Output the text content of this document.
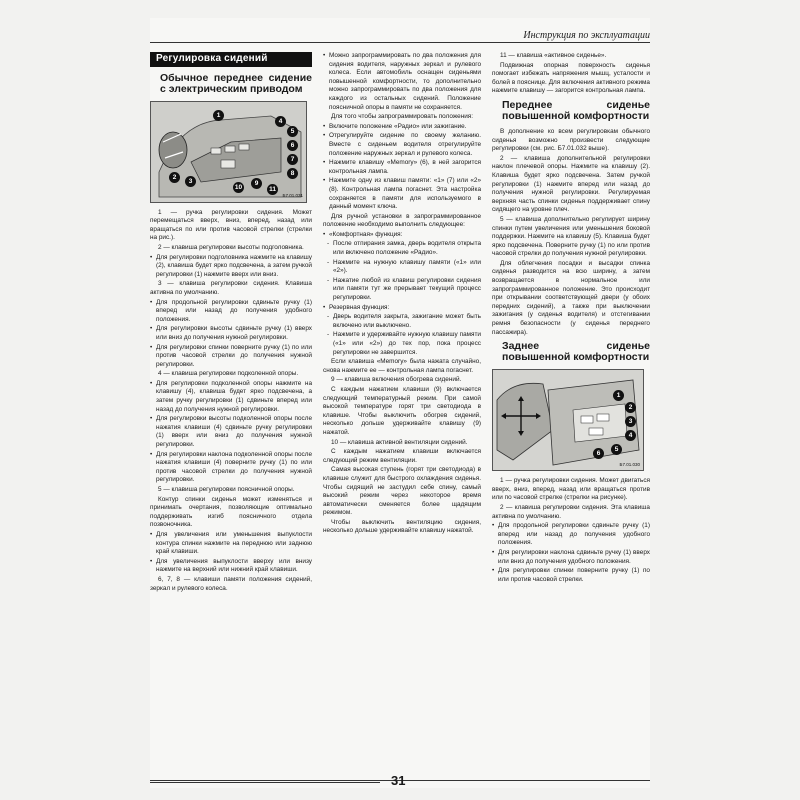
Инструкция по эксплуатации
Регулировка сидений
Обычное переднее сидение с электрическим приводом
1
2
3
4
5
6
7
8
9
10	11
Б7.01.031

1 — ручка регулировки сидения. Может перемещаться вверх, вниз, вперед, назад или вращаться по или против часовой стрелки (стрелки на рис.).

2 — клавиша регулировки высоты подголовника.

• Для регулировки подголовника нажмите на клавишу (2), клавиша будет ярко подсвечена, а затем ручкой регулировки (1) нажмите вверх или вниз.

3 — клавиша регулировки сидения. Клавиша активна по умолчанию.

• Для продольной регулировки сдвиньте ручку (1) вперед или назад до получения удобного положения.

• Для регулировки высоты сдвиньте ручку (1) вверх или вниз до получения нужной регулировки.

• Для регулировки спинки поверните ручку (1) по или против часовой стрелки до получения нужной регулировки.

4 — клавиша регулировки подколенной опоры.

• Для регулировки подколенной опоры нажмите на клавишу (4), клавиша будет ярко подсвечена, а затем ручку регулировки (1) сдвиньте вперед или назад до получения нужной регулировки.

• Для регулировки высоты подколенной опоры после нажатия клавиши (4) сдвиньте ручку регулировки (1) вверх или вниз до получения нужной регулировки.

• Для регулировки наклона подколенной опоры после нажатия клавиши (4) поверните ручку (1) по или против часовой стрелки до получения нужной регулировки.

5 — клавиша регулировки поясничной опоры.

Контур спинки сиденья может изменяться и принимать очертания, позволяющие оптимально поддерживать изгиб поясничного отдела позвоночника.

• Для увеличения или уменьшения выпуклости контура спинки нажмите на переднюю или заднюю край клавиши.

• Для увеличения выпуклости вверху или внизу нажмите на верхний или нижний край клавиши.

6, 7, 8 — клавиши памяти положения сидений, зеркал и рулевого колеса.

• Можно запрограммировать по два положения для сидения водителя, наружных зеркал и рулевого колеса. Если автомобиль оснащен сиденьями повышенной комфортности, то дополнительно можно запрограммировать по два положения для каждого из остальных сидений. Положение поясничной опоры в памяти не сохраняется.

Для того чтобы запрограммировать положения:

• Включите положение «Радио» или зажигание.

• Отрегулируйте сидение по своему желанию. Вместе с сиденьем водителя отрегулируйте положение наружных зеркал и рулевого колеса.

• Нажмите клавишу «Memory» (6), в ней загорится контрольная лампа.

• Нажмите одну из клавиш памяти: «1» (7) или «2» (8). Контрольная лампа погаснет. Эта настройка сохраняется в памяти для используемого в данный момент ключа.

Для ручной установки в запрограммированное положение необходимо выполнить следующее:

• «Комфортная» функция:

- После отпирания замка, дверь водителя открыта или включено положение «Радио».

- Нажмите на нужную клавишу памяти («1» или «2»).

- Нажатие любой из клавиш регулировки сидения или памяти тут же прерывает текущий процесс регулировки.

• Резервная функция:

- Дверь водителя закрыта, зажигание может быть включено или выключено.

- Нажмите и удерживайте нужную клавишу памяти («1» или «2») до тех пор, пока процесс регулировки не завершится.

Если клавиша «Memory» была нажата случайно, снова нажмите ее — контрольная лампа погаснет.

9 — клавиша включения обогрева сидений.

С каждым нажатием клавиши (9) включается следующий температурный режим. При самой высокой температуре горят три светодиода в клавише. Чтобы выключить обогрев сидений, несколько дольше удерживайте клавишу (9) нажатой.

10 — клавиша активной вентиляции сидений.

С каждым нажатием клавиши включается следующий режим вентиляции.

Самая высокая ступень (горят три светодиода) в клавише служит для быстрого охлаждения сиденья. Чтобы сидящий не застудил себе спину, самый высокий режим через некоторое время автоматически сменяется более щадящим режимом.

Чтобы выключить вентиляцию сидения, несколько дольше удерживайте клавишу нажатой.

11 — клавиша «активное сиденье».

Подвижная опорная поверхность сиденья помогает избежать напряжения мышц, усталости и болей в пояснице. Для включения активного режима нажмите клавишу — загорится контрольная лампа.

Переднее сиденье повышенной комфортности

В дополнение ко всем регулировкам обычного сиденья возможно произвести следующие регулировки (см. рис. Б7.01.032 выше).

2 — клавиша дополнительной регулировки наклон плечевой опоры. Нажмите на клавишу (2). Клавиша будет ярко подсвечена. Затем ручкой регулировки (1) нажмите вперед или назад до получения нужной регулировки. Регулируемая верхняя часть спинки сиденья поддерживает спину сидящего на уровне плеч.

5 — клавиша дополнительно регулирует ширину спинки путем увеличения или уменьшения боковой поддержки. Нажмите на клавишу (5). Клавиша будет ярко подсвечена. Поверните ручку (1) по или против часовой стрелки до получения нужной регулировки.

Для облегчения посадки и высадки спинка сиденья разводится на всю ширину, а затем возвращается в нормальное или запрограммированное положение. Это происходит при открывании соответствующей двери (у обоих передних сидений), а также при выключении зажигания (у сиденья водителя) и отстегивании ремня безопасности (у сиденья переднего пассажира).

Заднее сиденье повышенной комфортности
1
2
3
4
5
6
Б7.01.030

1 — ручка регулировки сидения. Может двигаться вверх, вниз, вперед, назад или вращаться против или по часовой стрелке (стрелки на рисунке).

2 — клавиша регулировки сидения. Эта клавиша активна по умолчанию.

• Для продольной регулировки сдвиньте ручку (1) вперед или назад до получения удобного положения.

• Для регулировки наклона сдвиньте ручку (1) вверх или вниз до получения удобного положения.

• Для регулировки спинки поверните ручку (1) по или против часовой стрелки.

31
